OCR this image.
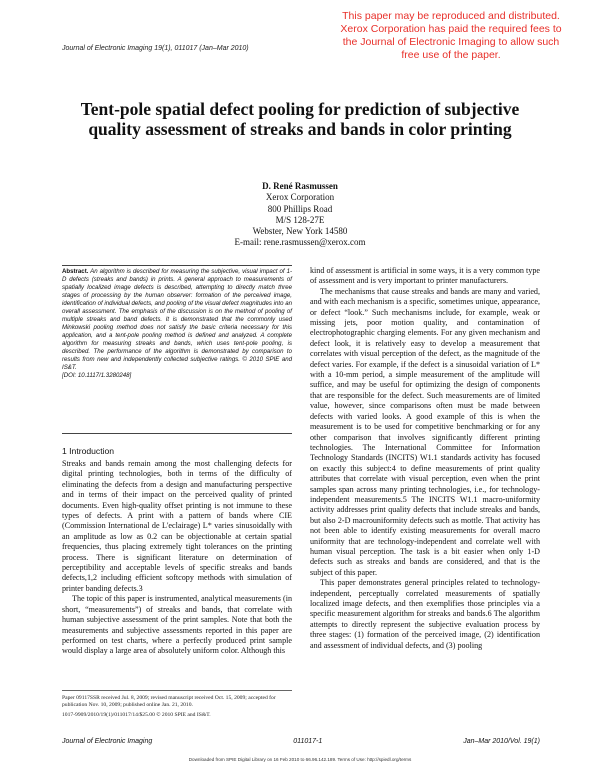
This paper may be reproduced and distributed. Xerox Corporation has paid the required fees to the Journal of Electronic Imaging to allow such free use of the paper.
Journal of Electronic Imaging 19(1), 011017 (Jan–Mar 2010)
Tent-pole spatial defect pooling for prediction of subjective quality assessment of streaks and bands in color printing
D. René Rasmussen
Xerox Corporation
800 Phillips Road
M/S 128-27E
Webster, New York 14580
E-mail: rene.rasmussen@xerox.com
Abstract. An algorithm is described for measuring the subjective, visual impact of 1-D defects (streaks and bands) in prints. A general approach to measurements of spatially localized image defects is described, attempting to directly match three stages of processing by the human observer: formation of the perceived image, identification of individual defects, and pooling of the visual defect magnitudes into an overall assessment. The emphasis of the discussion is on the method of pooling of multiple streaks and band defects. It is demonstrated that the commonly used Minkowski pooling method does not satisfy the basic criteria necessary for this application, and a tent-pole pooling method is defined and analyzed. A complete algorithm for measuring streaks and bands, which uses tent-pole pooling, is described. The performance of the algorithm is demonstrated by comparison to results from new and independently collected subjective ratings. © 2010 SPIE and IS&T.
[DOI: 10.1117/1.3280248]
1 Introduction

Streaks and bands remain among the most challenging defects for digital printing technologies, both in terms of the difficulty of eliminating the defects from a design and manufacturing perspective and in terms of their impact on the perceived quality of printed documents. Even high-quality offset printing is not immune to these types of defects. A print with a pattern of bands where CIE (Commission International de L'eclairage) L* varies sinusoidally with an amplitude as low as 0.2 can be objectionable at certain spatial frequencies, thus placing extremely tight tolerances on the printing process. There is significant literature on determination of perceptibility and acceptable levels of specific streaks and bands defects,1,2 including efficient softcopy methods with simulation of printer banding defects.3

The topic of this paper is instrumented, analytical measurements (in short, “measurements”) of streaks and bands, that correlate with human subjective assessment of the print samples. Note that both the measurements and subjective assessments reported in this paper are performed on test charts, where a perfectly produced print sample would display a large area of absolutely uniform color. Although this

Paper 09117SSR received Jul. 8, 2009; revised manuscript received Oct. 15, 2009; accepted for publication Nov. 10, 2009; published online Jan. 21, 2010.
1017-9909/2010/19(1)/011017/14/$25.00 © 2010 SPIE and IS&T.

kind of assessment is artificial in some ways, it is a very common type of assessment and is very important to printer manufacturers.

The mechanisms that cause streaks and bands are many and varied, and with each mechanism is a specific, sometimes unique, appearance, or defect “look.” Such mechanisms include, for example, weak or missing jets, poor motion quality, and contamination of electrophotographic charging elements. For any given mechanism and defect look, it is relatively easy to develop a measurement that correlates with visual perception of the defect, as the magnitude of the defect varies. For example, if the defect is a sinusoidal variation of L* with a 10-mm period, a simple measurement of the amplitude will suffice, and may be useful for optimizing the design of components that are responsible for the defect. Such measurements are of limited value, however, since comparisons often must be made between defects with varied looks. A good example of this is when the measurement is to be used for competitive benchmarking or for any other comparison that involves significantly different printing technologies. The International Committee for Information Technology Standards (INCITS) W1.1 standards activity has focused on exactly this subject:4 to define measurements of print quality attributes that correlate with visual perception, even when the print samples span across many printing technologies, i.e., for technology-independent measurements.5 The INCITS W1.1 macro-uniformity activity addresses print quality defects that include streaks and bands, but also 2-D macrouniformity defects such as mottle. That activity has not been able to identify existing measurements for overall macro uniformity that are technology-independent and correlate well with human visual perception. The task is a bit easier when only 1-D defects such as streaks and bands are considered, and that is the subject of this paper.

This paper demonstrates general principles related to technology-independent, perceptually correlated measurements of spatially localized image defects, and then exemplifies those principles via a specific measurement algorithm for streaks and bands.6 The algorithm attempts to directly represent the subjective evaluation process by three stages: (1) formation of the perceived image, (2) identification and assessment of individual defects, and (3) pooling

Journal of Electronic Imaging	011017-1	Jan–Mar 2010/Vol. 19(1)
Downloaded from SPIE Digital Library on 16 Feb 2010 to 66.96.142.189. Terms of Use: http://spiedl.org/terms
